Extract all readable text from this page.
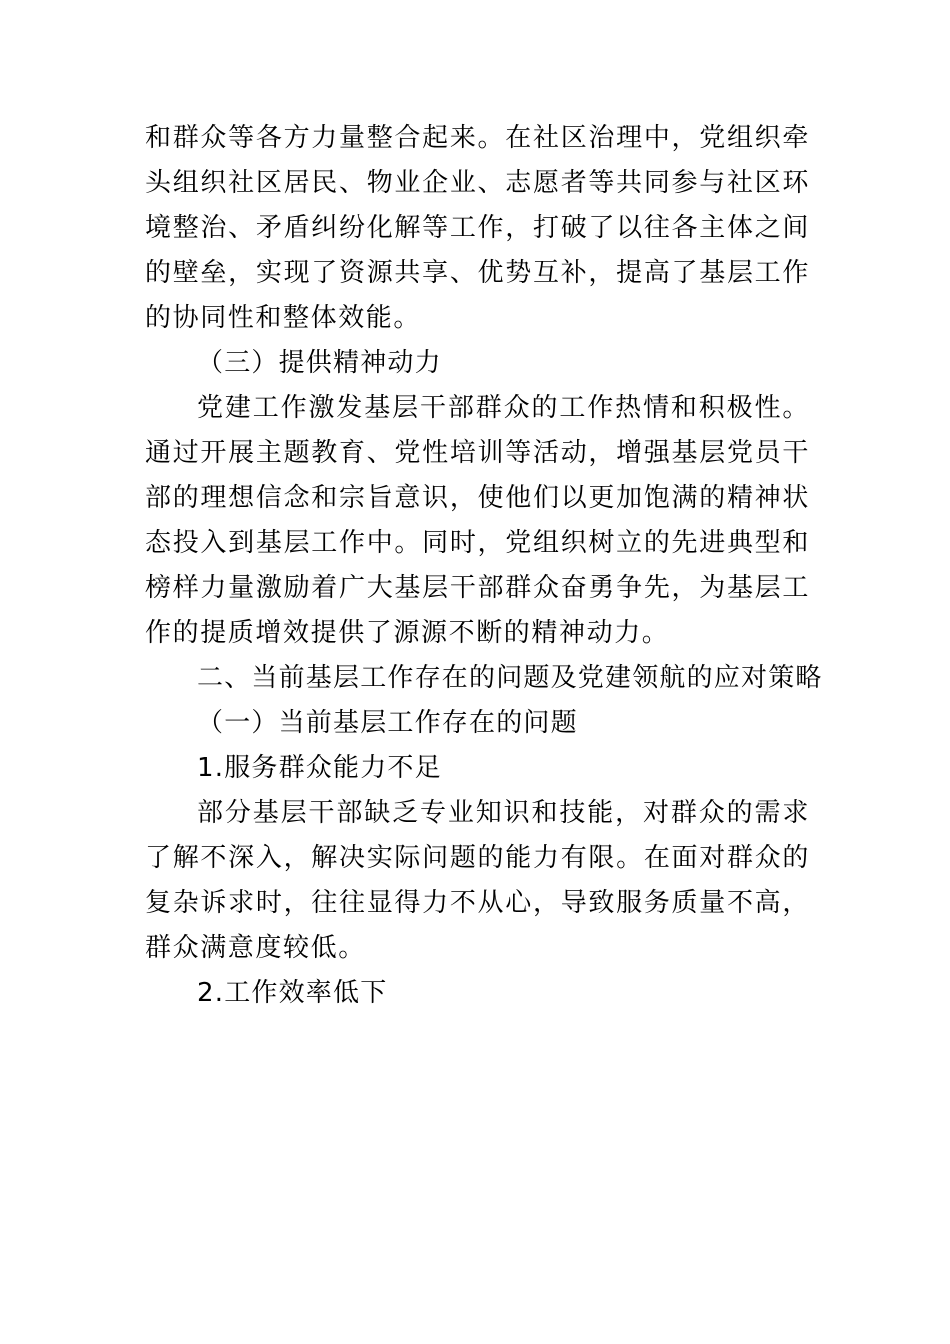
和群众等各方力量整合起来。在社区治理中，党组织牵头组织社区居民、物业企业、志愿者等共同参与社区环境整治、矛盾纠纷化解等工作，打破了以往各主体之间的壁垒，实现了资源共享、优势互补，提高了基层工作的协同性和整体效能。

（三）提供精神动力

党建工作激发基层干部群众的工作热情和积极性。通过开展主题教育、党性培训等活动，增强基层党员干部的理想信念和宗旨意识，使他们以更加饱满的精神状态投入到基层工作中。同时，党组织树立的先进典型和榜样力量激励着广大基层干部群众奋勇争先，为基层工作的提质增效提供了源源不断的精神动力。

二、当前基层工作存在的问题及党建领航的应对策略

（一）当前基层工作存在的问题

1.服务群众能力不足

部分基层干部缺乏专业知识和技能，对群众的需求了解不深入，解决实际问题的能力有限。在面对群众的复杂诉求时，往往显得力不从心，导致服务质量不高，群众满意度较低。

2.工作效率低下
